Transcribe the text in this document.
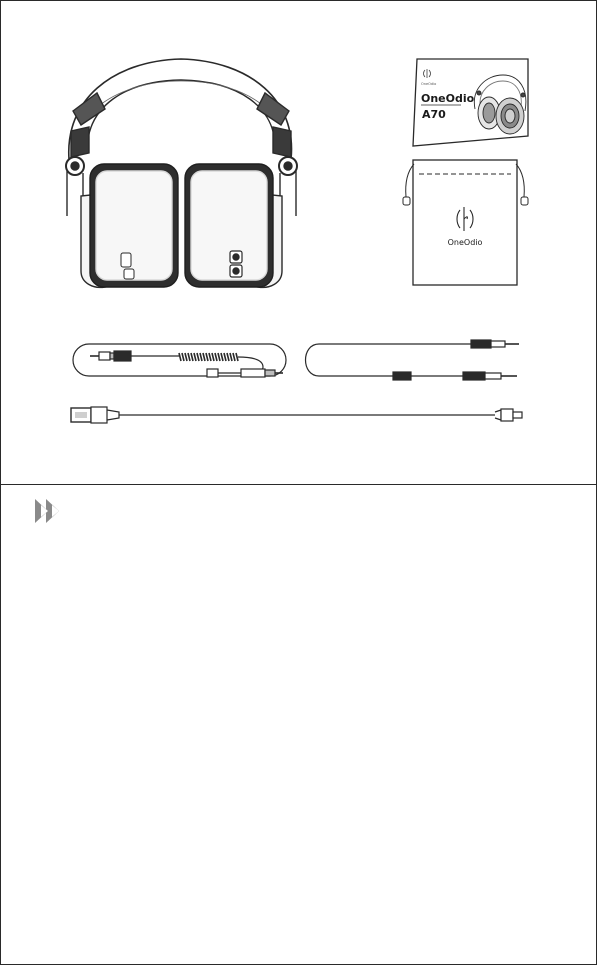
OneOdio
OneOdio
A70
OneOdio
